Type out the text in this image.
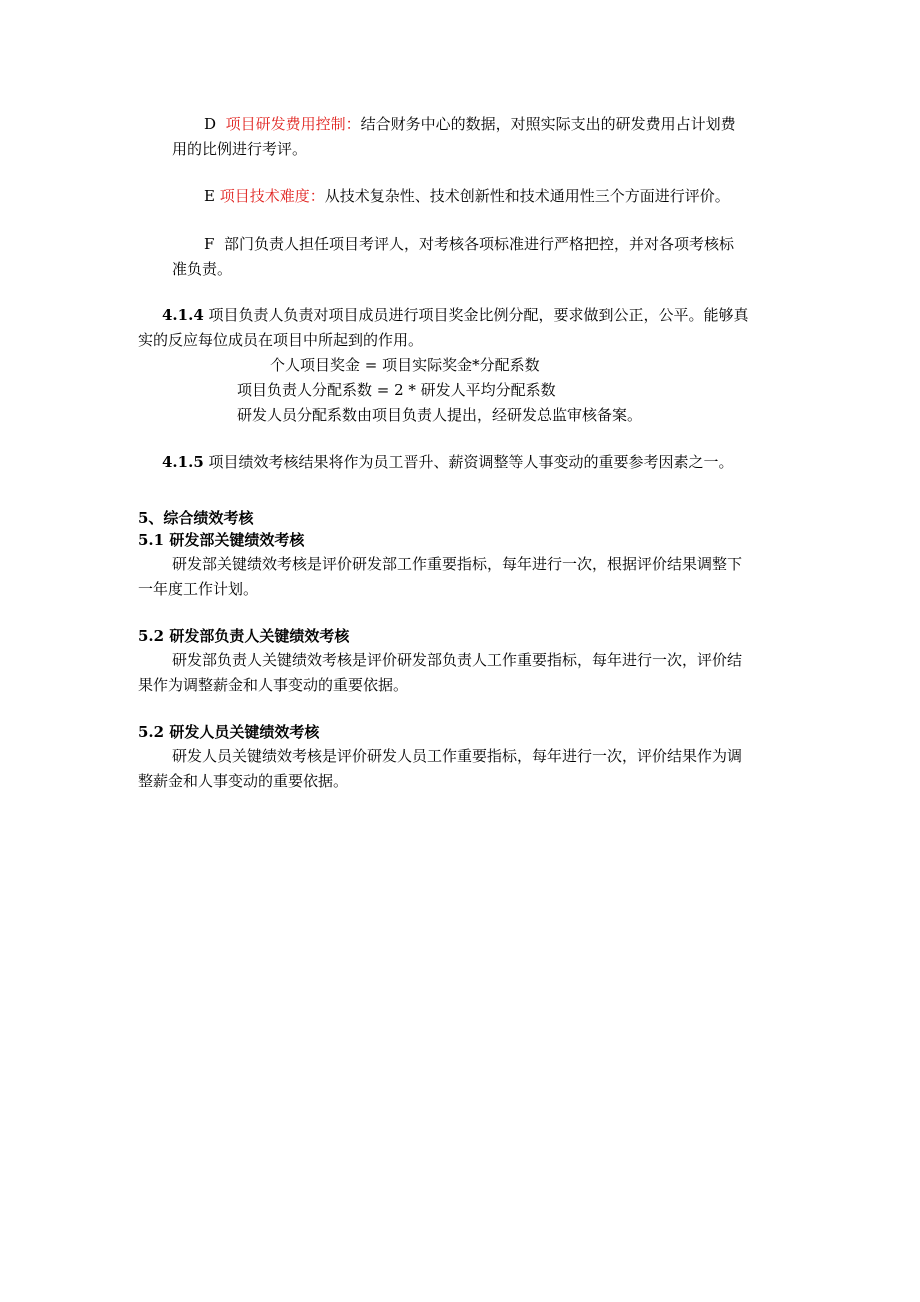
D 项目研发费用控制：结合财务中心的数据，对照实际支出的研发费用占计划费
用的比例进行考评。
E 项目技术难度：从技术复杂性、技术创新性和技术通用性三个方面进行评价。
F 部门负责人担任项目考评人，对考核各项标准进行严格把控，并对各项考核标
准负责。
4.1.4 项目负责人负责对项目成员进行项目奖金比例分配，要求做到公正，公平。能够真
实的反应每位成员在项目中所起到的作用。
个人项目奖金 = 项目实际奖金*分配系数
项目负责人分配系数 = 2 * 研发人平均分配系数
研发人员分配系数由项目负责人提出，经研发总监审核备案。
4.1.5 项目绩效考核结果将作为员工晋升、薪资调整等人事变动的重要参考因素之一。
5、综合绩效考核
5.1 研发部关键绩效考核
研发部关键绩效考核是评价研发部工作重要指标，每年进行一次，根据评价结果调整下
一年度工作计划。
5.2 研发部负责人关键绩效考核
研发部负责人关键绩效考核是评价研发部负责人工作重要指标，每年进行一次，评价结
果作为调整薪金和人事变动的重要依据。
5.2 研发人员关键绩效考核
研发人员关键绩效考核是评价研发人员工作重要指标，每年进行一次，评价结果作为调
整薪金和人事变动的重要依据。
